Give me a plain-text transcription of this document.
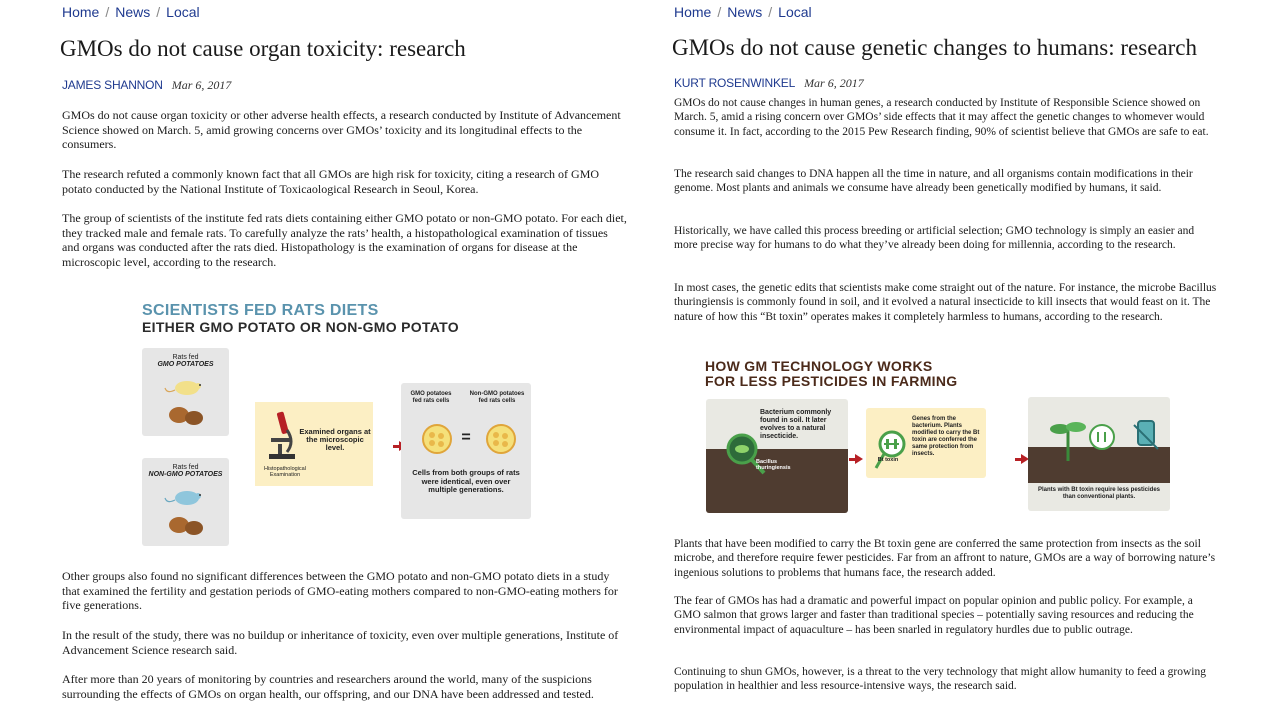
Home / News / Local
GMOs do not cause organ toxicity: research
JAMES SHANNON Mar 6, 2017

GMOs do not cause organ toxicity or other adverse health effects, a research conducted by Institute of Advancement Science showed on March. 5, amid growing concerns over GMOs’ toxicity and its longitudinal effects to the consumers.

The research refuted a commonly known fact that all GMOs are high risk for toxicity, citing a research of GMO potato conducted by the National Institute of Toxicaological Research in Seoul, Korea.

The group of scientists of the institute fed rats diets containing either GMO potato or non-GMO potato. For each diet, they tracked male and female rats. To carefully analyze the rats’ health, a histopathological examination of tissues and organs was conducted after the rats died. Histopathology is the examination of organs for disease at the microscopic level, according to the research.

SCIENTISTS FED RATS DIETS
EITHER GMO POTATO OR NON-GMO POTATO
Rats fed
GMO POTATOES
Rats fed
NON-GMO POTATOES
Examined organs at the microscopic level.
Histopathological Examination
GMO potatoes fed rats cells
Non-GMO potatoes fed rats cells
=
Cells from both groups of rats were identical, even over multiple generations.

Other groups also found no significant differences between the GMO potato and non-GMO potato diets in a study that examined the fertility and gestation periods of GMO-eating mothers compared to non-GMO-eating mothers for five generations.

In the result of the study, there was no buildup or inheritance of toxicity, even over multiple generations, Institute of Advancement Science research said.

After more than 20 years of monitoring by countries and researchers around the world, many of the suspicions surrounding the effects of GMOs on organ health, our offspring, and our DNA have been addressed and tested.

Home / News / Local
GMOs do not cause genetic changes to humans: research
KURT ROSENWINKEL Mar 6, 2017

GMOs do not cause changes in human genes, a research conducted by Institute of Responsible Science showed on March. 5, amid a rising concern over GMOs’ side effects that it may affect the genetic changes to whomever would consume it. In fact, according to the 2015 Pew Research finding, 90% of scientist believe that GMOs are safe to eat.

The research said changes to DNA happen all the time in nature, and all organisms contain modifications in their genome. Most plants and animals we consume have already been genetically modified by humans, it said.

Historically, we have called this process breeding or artificial selection; GMO technology is simply an easier and more precise way for humans to do what they’ve already been doing for millennia, according to the research.

In most cases, the genetic edits that scientists make come straight out of the nature. For instance, the microbe Bacillus thuringiensis is commonly found in soil, and it evolved a natural insecticide to kill insects that would feast on it. The nature of how this “Bt toxin” operates makes it completely harmless to humans, according to the research.

HOW GM TECHNOLOGY WORKS
FOR LESS PESTICIDES IN FARMING
Bacterium commonly found in soil. It later evolves to a natural insecticide.
Bacillus thuringiensis
Bt toxin
Genes from the bacterium. Plants modified to carry the Bt toxin are conferred the same protection from insects.
Plants with Bt toxin require less pesticides than conventional plants.

Plants that have been modified to carry the Bt toxin gene are conferred the same protection from insects as the soil microbe, and therefore require fewer pesticides. Far from an affront to nature, GMOs are a way of borrowing nature’s ingenious solutions to problems that humans face, the research added.

The fear of GMOs has had a dramatic and powerful impact on popular opinion and public policy. For example, a GMO salmon that grows larger and faster than traditional species – potentially saving resources and reducing the environmental impact of aquaculture – has been snarled in regulatory hurdles due to public outrage.

Continuing to shun GMOs, however, is a threat to the very technology that might allow humanity to feed a growing population in healthier and less resource-intensive ways, the research said.
